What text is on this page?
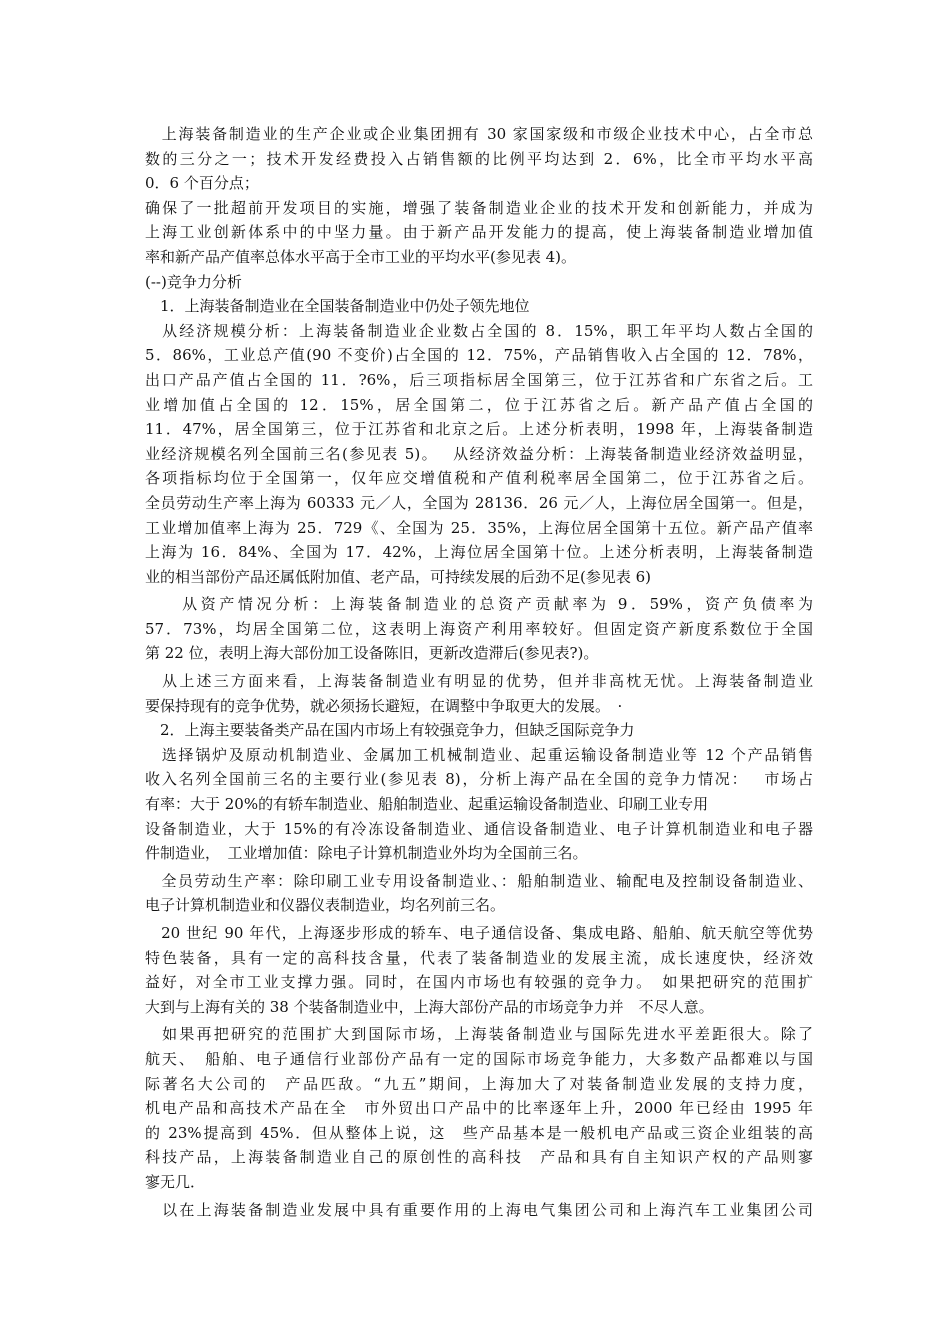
　上海装备制造业的生产企业或企业集团拥有 30 家国家级和市级企业技术中心，占全市总
数的三分之一；技术开发经费投入占销售额的比例平均达到 2．6%，比全市平均水平高
0．6 个百分点；
确保了一批超前开发项目的实施，增强了装备制造业企业的技术开发和创新能力，并成为
上海工业创新体系中的中坚力量。由于新产品开发能力的提高，使上海装备制造业增加值
率和新产品产值率总体水平高于全市工业的平均水平(参见表 4)。
(--)竞争力分析
　1．上海装备制造业在全国装备制造业中仍处子领先地位
　从经济规模分析：上海装备制造业企业数占全国的 8．15%，职工年平均人数占全国的
5．86%，工业总产值(90 不变价)占全国的 12．75%，产品销售收入占全国的 12．78%，
出口产品产值占全国的 11．?6%，后三项指标居全国第三，位于江苏省和广东省之后。工
业增加值占全国的 12．15%，居全国第二，位于江苏省之后。新产品产值占全国的
11．47%，居全国第三，位于江苏省和北京之后。上述分析表明，1998 年，上海装备制造
业经济规模名列全国前三名(参见表 5)。　 从经济效益分析：上海装备制造业经济效益明显，
各项指标均位于全国第一，仅年应交增值税和产值利税率居全国第二，位于江苏省之后。
全员劳动生产率上海为 60333 元／人，全国为 28136．26 元／人，上海位居全国第一。但是，
工业增加值率上海为 25．729《、全国为 25．35%，上海位居全国第十五位。新产品产值率
上海为 16．84%、全国为 17．42%，上海位居全国第十位。上述分析表明，上海装备制造
业的相当部份产品还属低附加值、老产品，可持续发展的后劲不足(参见表 6)
　　从资产情况分析：上海装备制造业的总资产贡献率为 9．59%，资产负债率为
57．73%，均居全国第二位，这表明上海资产利用率较好。但固定资产新度系数位于全国
第 22 位，表明上海大部份加工设备陈旧，更新改造滞后(参见表?)。
　从上述三方面来看，上海装备制造业有明显的优势，但并非高枕无忧。上海装备制造业
要保持现有的竞争优势，就必须扬长避短，在调整中争取更大的发展。　·
　2．上海主要装备类产品在国内市场上有较强竞争力，但缺乏国际竞争力
　选择锅炉及原动机制造业、金属加工机械制造业、起重运输设备制造业等 12 个产品销售
收入名列全国前三名的主要行业(参见表 8)，分析上海产品在全国的竞争力情况：　 市场占
有率：大于 20%的有轿车制造业、船舶制造业、起重运输设备制造业、印刷工业专用
设备制造业，大于 15%的有冷冻设备制造业、通信设备制造业、电子计算机制造业和电子器
件制造业，　工业增加值：除电子计算机制造业外均为全国前三名。
　全员劳动生产率：除印刷工业专用设备制造业、：船舶制造业、输配电及控制设备制造业、
电子计算机制造业和仪器仪表制造业，均名列前三名。
　20 世纪 90 年代，上海逐步形成的轿车、电子通信设备、集成电路、船舶、航天航空等优势
特色装备，具有一定的高科技含量，代表了装备制造业的发展主流，成长速度快，经济效
益好，对全市工业支撑力强。同时，在国内市场也有较强的竞争力。　如果把研究的范围扩
大到与上海有关的 38 个装备制造业中，上海大部份产品的市场竞争力并　不尽人意。
　如果再把研究的范围扩大到国际市场，上海装备制造业与国际先进水平差距很大。除了
航天、　船舶、电子通信行业部份产品有一定的国际市场竞争能力，大多数产品都难以与国
际著名大公司的　产品匹敌。“九五”期间，上海加大了对装备制造业发展的支持力度，
机电产品和高技术产品在全　市外贸出口产品中的比率逐年上升，2000 年已经由 1995 年
的 23%提高到 45%．但从整体上说，这　些产品基本是一般机电产品或三资企业组装的高
科技产品，上海装备制造业自己的原创性的高科技　产品和具有自主知识产权的产品则寥
寥无几．
　以在上海装备制造业发展中具有重要作用的上海电气集团公司和上海汽车工业集团公司
